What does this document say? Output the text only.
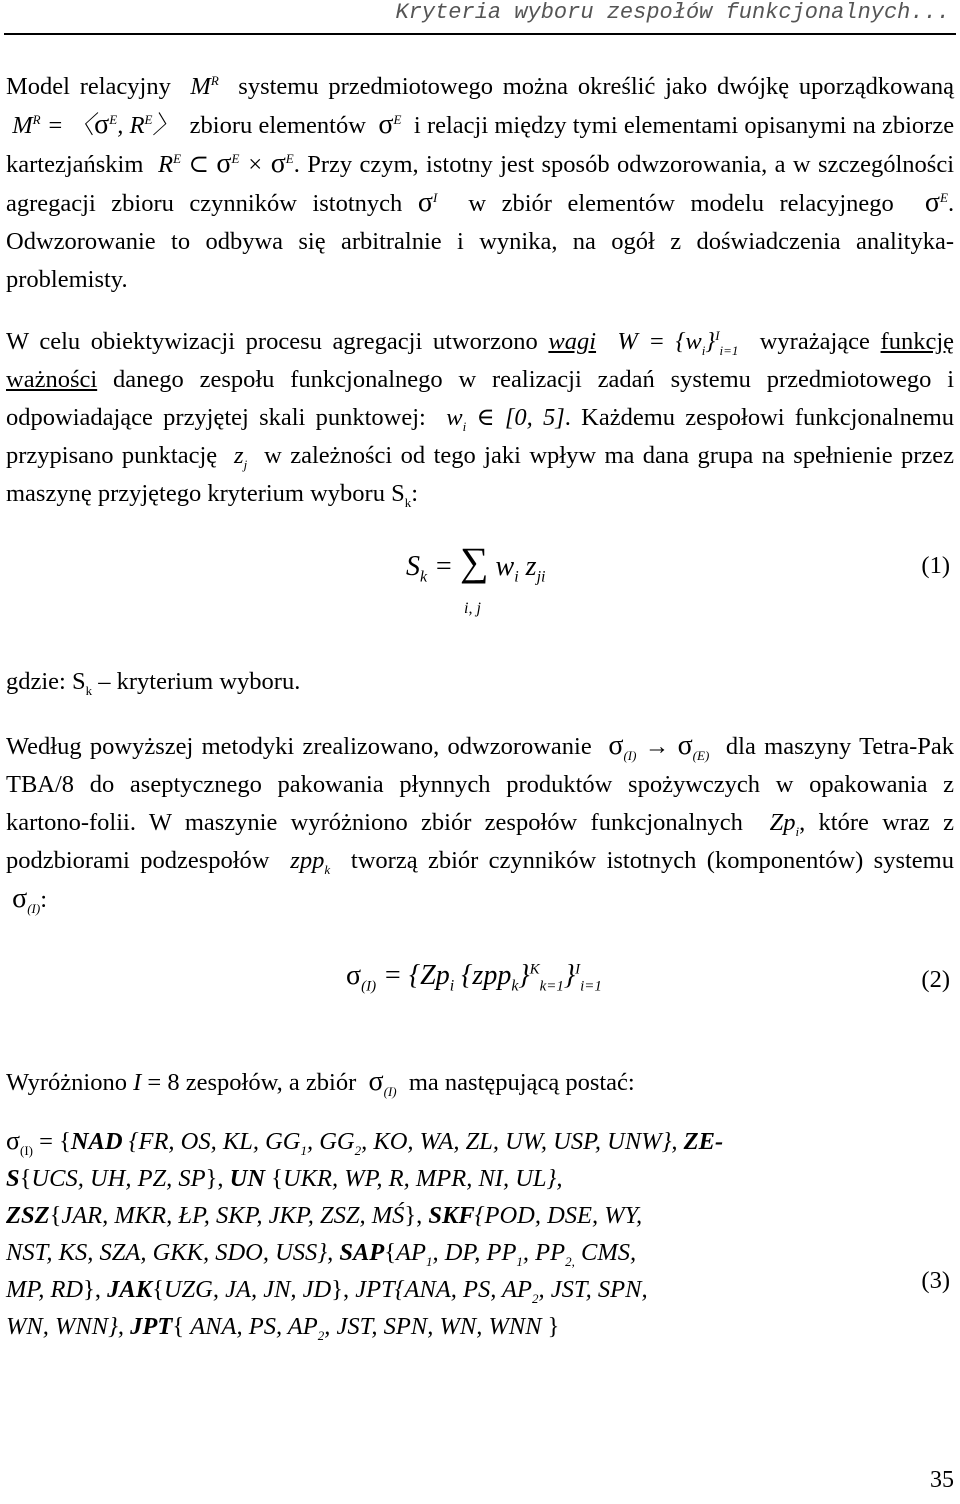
Kryteria wyboru zespołów funkcjonalnych...

Model relacyjny  $M^R$ systemu przedmiotowego można określić jako dwójkę uporządkowaną  $M^R$ = 〈$\sigma^E$, $R^E$〉  zbioru elementów $\sigma^E$ i relacji między tymi elementami opisanymi na zbiorze kartezjańskim  $R^E$ ⊂ $\sigma^E \times \sigma^E$. Przy czym, istotny jest sposób odwzorowania, a w szczególności agregacji zbioru czynników istotnych $\sigma^I$ w zbiór elementów modelu relacyjnego $\sigma^E$. Odwzorowanie to odbywa się arbitralnie i wynika, na ogół z doświadczenia analityka-problemisty.

W celu obiektywizacji procesu agregacji utworzono wagi  $W = \{w_i\}^I_{i=1}$ wyrażające funkcję ważności danego zespołu funkcjonalnego w realizacji zadań systemu przedmiotowego i odpowiadające przyjętej skali punktowej:  $w_i$ ∈ [0, 5]. Każdemu zespołowi funkcjonalnemu przypisano punktację  $z_j$ w zależności od tego jaki wpływ ma dana grupa na spełnienie przez maszynę przyjętego kryterium wyboru $S_k$:

$S_k$ = ∑ $w_i$ $z_{ji}$
i, j
(1)

gdzie: $S_k$ – kryterium wyboru.

Według powyższej metodyki zrealizowano, odwzorowanie $\sigma_{(I)} \to \sigma_{(E)}$ dla maszyny Tetra-Pak TBA/8 do aseptycznego pakowania płynnych produktów spożywczych w opakowania z kartono-folii. W maszynie wyróżniono zbiór zespołów funkcjonalnych  $Zp_i$, które wraz z podzbiorami podzespołów  zpp$_k$ tworzą zbiór czynników istotnych (komponentów) systemu  $\sigma_{(I)}$:

$\sigma_{(I)} = \{Zp_i$ $\{zpp_k\}^K_{k=1}\}^I_{i=1}$	(2)

Wyróżniono I = 8 zespołów, a zbiór $\sigma_{(I)}$ ma następującą postać:

$\sigma_{(I)} = \{NAD$ {FR, OS, KL, $GG_1$, $GG_2$, KO, WA, ZL, UW, USP, UNW}, ZE-
S{UCS, UH, PZ, SP}, UN {UKR, WP, R, MPR, NI, UL},
ZSZ{JAR, MKR, ŁP, SKP, JKP, ZSZ, MŚ}, SKF{POD, DSE, WY,
NST, KS, SZA, GKK, SDO, USS}, $SAP\{AP_1$, DP, $PP_1$, $PP_{2,}$ CMS,
MP, RD}, JAK{UZG, JA, JN, JD}, JPT{ANA, PS, $AP_2$, JST, SPN,
WN, WNN}, JPT{ ANA, PS, $AP_2$, JST, SPN, WN, WNN }

(3)
35
